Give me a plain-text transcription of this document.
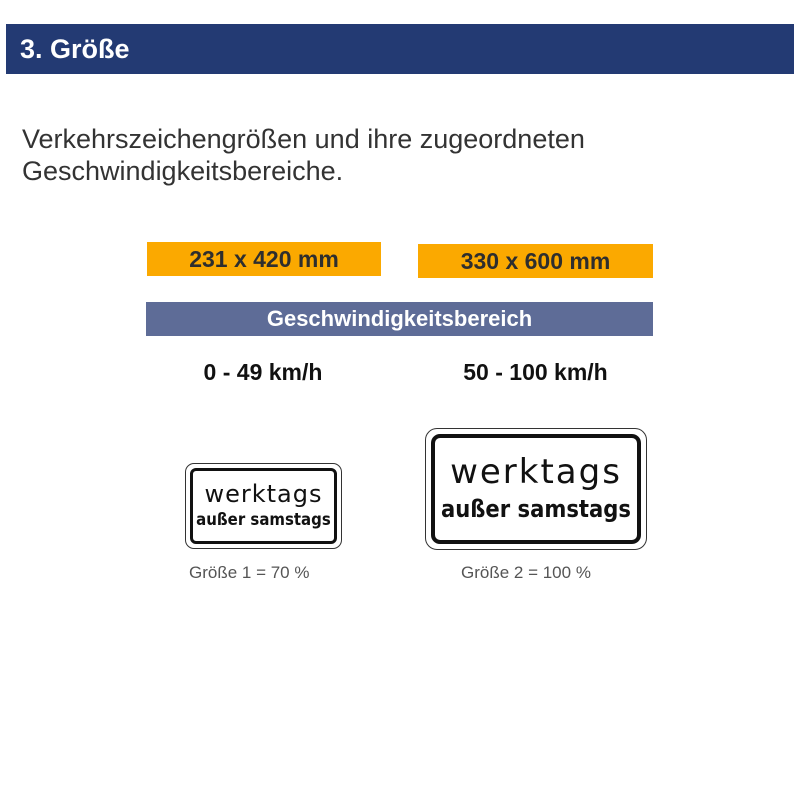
3. Größe
Verkehrszeichengrößen und ihre zugeordneten
Geschwindigkeitsbereiche.
231 x 420 mm	330 x 600 mm
Geschwindigkeitsbereich
0 - 49 km/h	50 - 100 km/h
werktags
außer samstags
werktags
außer samstags
Größe 1 = 70 %	Größe 2 = 100 %
